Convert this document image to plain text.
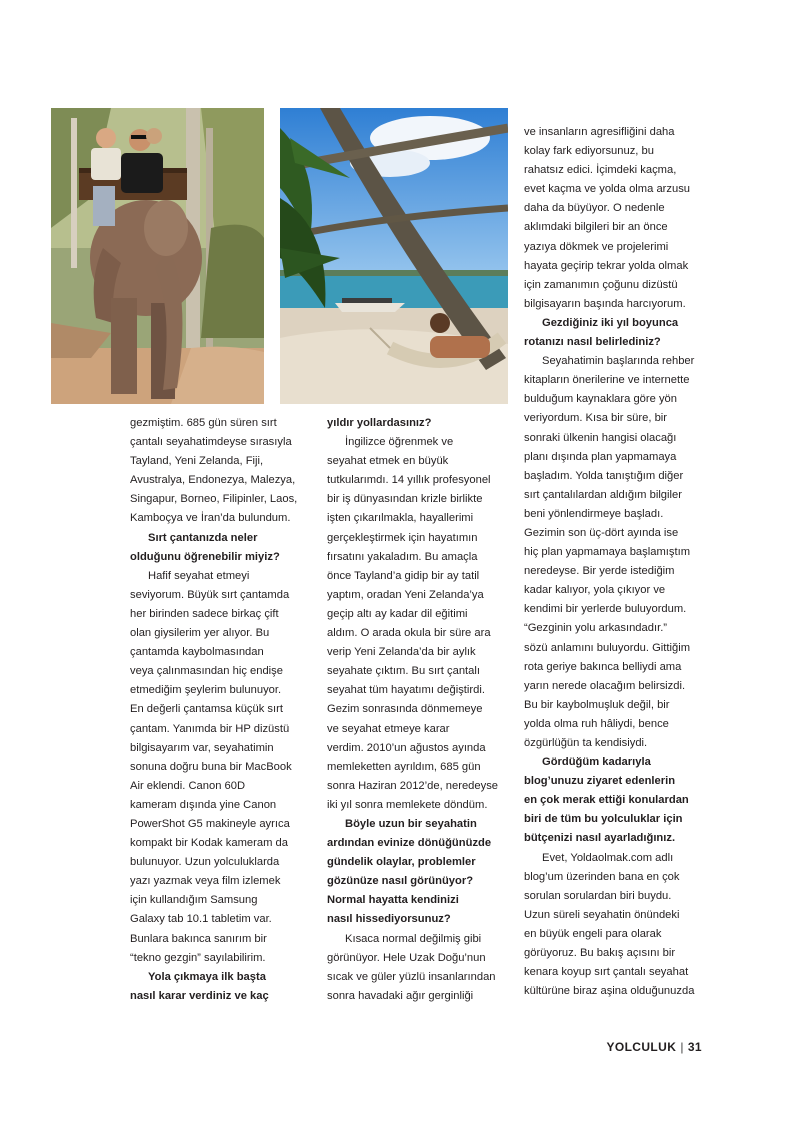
gezmiştim. 685 gün süren sırt

çantalı seyahatimdeyse sırasıyla

Tayland, Yeni Zelanda, Fiji,

Avustralya, Endonezya, Malezya,

Singapur, Borneo, Filipinler, Laos,

Kamboçya ve İran’da bulundum.

Sırt çantanızda neler

olduğunu öğrenebilir miyiz?

Hafif seyahat etmeyi

seviyorum. Büyük sırt çantamda

her birinden sadece birkaç çift

olan giysilerim yer alıyor. Bu

çantamda kaybolmasından

veya çalınmasından hiç endişe

etmediğim şeylerim bulunuyor.

En değerli çantamsa küçük sırt

çantam. Yanımda bir HP dizüstü

bilgisayarım var, seyahatimin

sonuna doğru buna bir MacBook

Air eklendi. Canon 60D

kameram dışında yine Canon

PowerShot G5 makineyle ayrıca

kompakt bir Kodak kameram da

bulunuyor. Uzun yolculuklarda

yazı yazmak veya film izlemek

için kullandığım Samsung

Galaxy tab 10.1 tabletim var.

Bunlara bakınca sanırım bir

“tekno gezgin” sayılabilirim.

Yola çıkmaya ilk başta

nasıl karar verdiniz ve kaç

yıldır yollardasınız?

İngilizce öğrenmek ve

seyahat etmek en büyük

tutkularımdı. 14 yıllık profesyonel

bir iş dünyasından krizle birlikte

işten çıkarılmakla, hayallerimi

gerçekleştirmek için hayatımın

fırsatını yakaladım. Bu amaçla

önce Tayland’a gidip bir ay tatil

yaptım, oradan Yeni Zelanda’ya

geçip altı ay kadar dil eğitimi

aldım. O arada okula bir süre ara

verip Yeni Zelanda’da bir aylık

seyahate çıktım. Bu sırt çantalı

seyahat tüm hayatımı değiştirdi.

Gezim sonrasında dönmemeye

ve seyahat etmeye karar

verdim. 2010’un ağustos ayında

memleketten ayrıldım, 685 gün

sonra Haziran 2012’de, neredeyse

iki yıl sonra memlekete döndüm.

Böyle uzun bir seyahatin

ardından evinize dönüğünüzde

gündelik olaylar, problemler

gözünüze nasıl görünüyor?

Normal hayatta kendinizi

nasıl hissediyorsunuz?

Kısaca normal değilmiş gibi

görünüyor. Hele Uzak Doğu’nun

sıcak ve güler yüzlü insanlarından

sonra havadaki ağır gerginliği

ve insanların agresifliğini daha

kolay fark ediyorsunuz, bu

rahatsız edici. İçimdeki kaçma,

evet kaçma ve yolda olma arzusu

daha da büyüyor. O nedenle

aklımdaki bilgileri bir an önce

yazıya dökmek ve projelerimi

hayata geçirip tekrar yolda olmak

için zamanımın çoğunu dizüstü

bilgisayarın başında harcıyorum.

Gezdiğiniz iki yıl boyunca

rotanızı nasıl belirlediniz?

Seyahatimin başlarında rehber

kitapların önerilerine ve internette

bulduğum kaynaklara göre yön

veriyordum. Kısa bir süre, bir

sonraki ülkenin hangisi olacağı

planı dışında plan yapmamaya

başladım. Yolda tanıştığım diğer

sırt çantalılardan aldığım bilgiler

beni yönlendirmeye başladı.

Gezimin son üç-dört ayında ise

hiç plan yapmamaya başlamıştım

neredeyse. Bir yerde istediğim

kadar kalıyor, yola çıkıyor ve

kendimi bir yerlerde buluyordum.

“Gezginin yolu arkasındadır.”

sözü anlamını buluyordu. Gittiğim

rota geriye bakınca belliydi ama

yarın nerede olacağım belirsizdi.

Bu bir kaybolmuşluk değil, bir

yolda olma ruh hâliydi, bence

özgürlüğün ta kendisiydi.

Gördüğüm kadarıyla

blog’unuzu ziyaret edenlerin

en çok merak ettiği konulardan

biri de tüm bu yolculuklar için

bütçenizi nasıl ayarladığınız.

Evet, Yoldaolmak.com adlı

blog’um üzerinden bana en çok

sorulan sorulardan biri buydu.

Uzun süreli seyahatin önündeki

en büyük engeli para olarak

görüyoruz. Bu bakış açısını bir

kenara koyup sırt çantalı seyahat

kültürüne biraz aşina olduğunuzda

YOLCULUK | 31
